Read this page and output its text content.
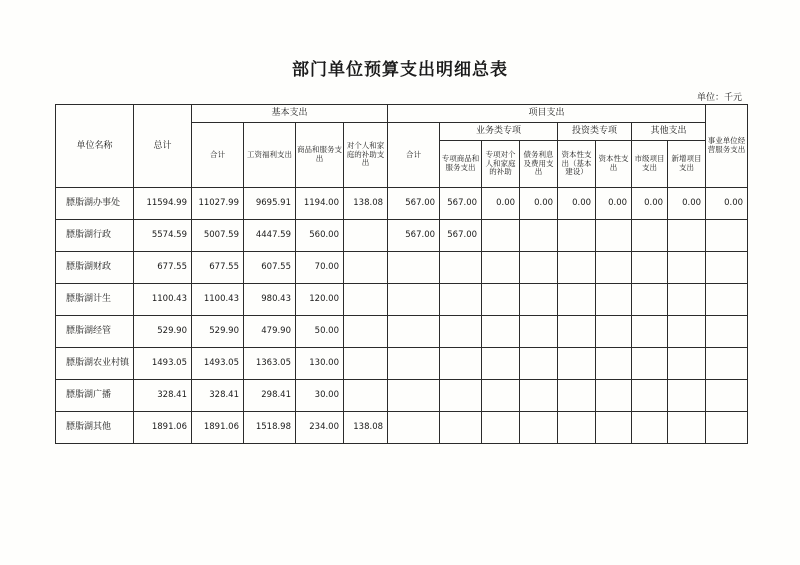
部门单位预算支出明细总表
单位：千元
单位名称	总计	基本支出				项目支出								事业单位经营服务支出
		合计	工资福利支出	商品和服务支出	对个人和家庭的补助支出	合计	业务类专项			投资类专项		其他支出		
							专项商品和服务支出	专项对个人和家庭的补助	债务利息及费用支出	资本性支出（基本建设）	资本性支出	市级项目支出	新增项目支出	
膘脂湖办事处	11594.99	11027.99	9695.91	1194.00	138.08	567.00	567.00	0.00	0.00	0.00	0.00	0.00	0.00	0.00
膘脂湖行政	5574.59	5007.59	4447.59	560.00		567.00	567.00							
膘脂湖财政	677.55	677.55	607.55	70.00										
膘脂湖计生	1100.43	1100.43	980.43	120.00										
膘脂湖经管	529.90	529.90	479.90	50.00										
膘脂湖农业村镇	1493.05	1493.05	1363.05	130.00										
膘脂湖广播	328.41	328.41	298.41	30.00										
膘脂湖其他	1891.06	1891.06	1518.98	234.00	138.08									
